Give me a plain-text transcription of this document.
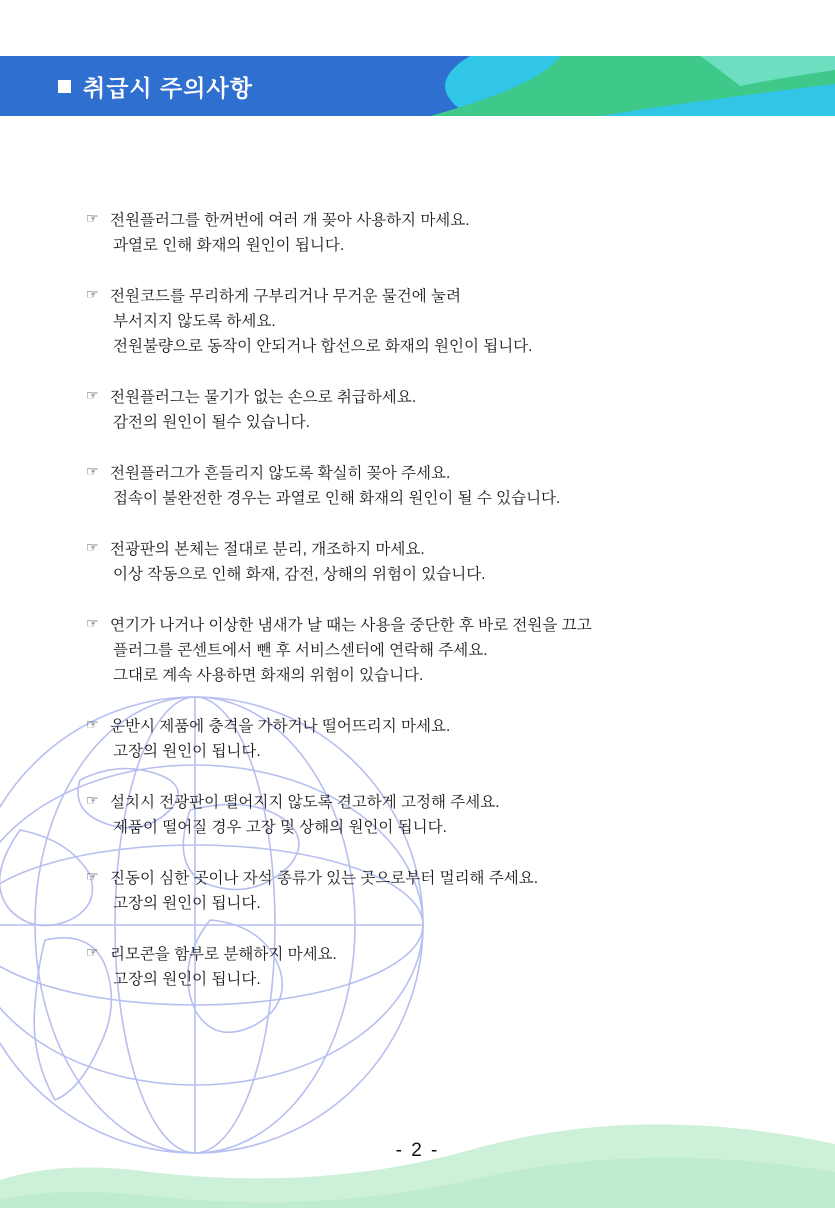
취급시 주의사항
☞ 전원플러그를 한꺼번에 여러 개 꽂아 사용하지 마세요.
과열로 인해 화재의 원인이 됩니다.
☞ 전원코드를 무리하게 구부리거나 무거운 물건에 눌려
부서지지 않도록 하세요.
전원불량으로 동작이 안되거나 합선으로 화재의 원인이 됩니다.
☞ 전원플러그는 물기가 없는 손으로 취급하세요.
감전의 원인이 될수 있습니다.
☞ 전원플러그가 흔들리지 않도록 확실히 꽂아 주세요.
접속이 불완전한 경우는 과열로 인해 화재의 원인이 될 수 있습니다.
☞ 전광판의 본체는 절대로 분리, 개조하지 마세요.
이상 작동으로 인해 화재, 감전, 상해의 위험이 있습니다.
☞ 연기가 나거나 이상한 냄새가 날 때는 사용을 중단한 후 바로 전원을 끄고
플러그를 콘센트에서 뺀 후 서비스센터에 연락해 주세요.
그대로 계속 사용하면 화재의 위험이 있습니다.
☞ 운반시 제품에 충격을 가하거나 떨어뜨리지 마세요.
고장의 원인이 됩니다.
☞ 설치시 전광판이 떨어지지 않도록 견고하게 고정해 주세요.
제품이 떨어질 경우 고장 및 상해의 원인이 됩니다.
☞ 진동이 심한 곳이나 자석 종류가 있는 곳으로부터 멀리해 주세요.
고장의 원인이 됩니다.
☞ 리모콘을 함부로 분해하지 마세요.
고장의 원인이 됩니다.
- 2 -
